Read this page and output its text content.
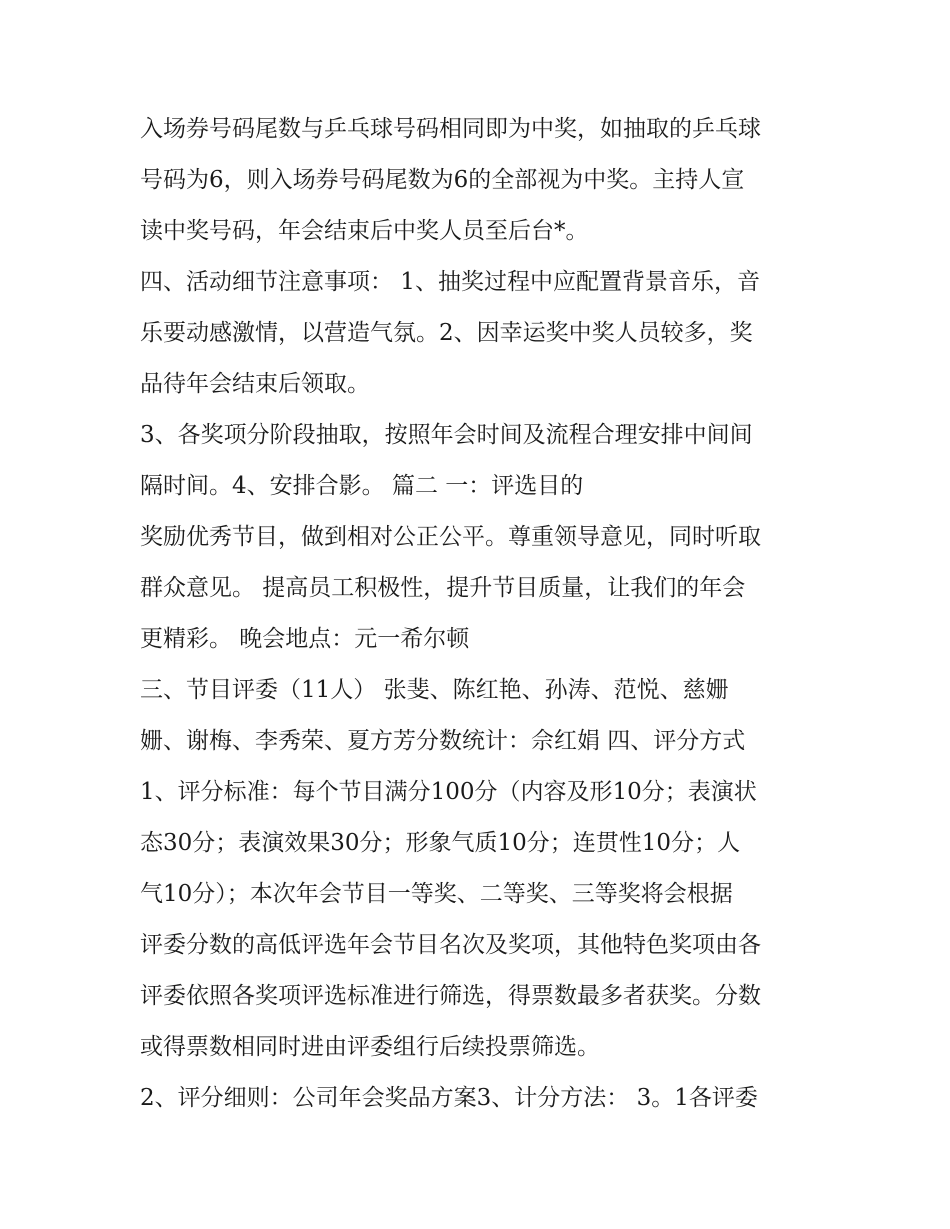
入场券号码尾数与乒乓球号码相同即为中奖，如抽取的乒乓球
号码为6，则入场券号码尾数为6的全部视为中奖。主持人宣
读中奖号码，年会结束后中奖人员至后台*。
四、活动细节注意事项： 1、抽奖过程中应配置背景音乐，音
乐要动感激情，以营造气氛。2、因幸运奖中奖人员较多，奖
品待年会结束后领取。
3、各奖项分阶段抽取，按照年会时间及流程合理安排中间间
隔时间。4、安排合影。 篇二 一：评选目的
奖励优秀节目，做到相对公正公平。尊重领导意见，同时听取
群众意见。 提高员工积极性，提升节目质量，让我们的年会
更精彩。 晚会地点：元一希尔顿
三、节目评委（11人） 张斐、陈红艳、孙涛、范悦、慈姗
姗、谢梅、李秀荣、夏方芳分数统计：佘红娟 四、评分方式
1、评分标准：每个节目满分100分（内容及形10分；表演状
态30分；表演效果30分；形象气质10分；连贯性10分；人
气10分）；本次年会节目一等奖、二等奖、三等奖将会根据
评委分数的高低评选年会节目名次及奖项，其他特色奖项由各
评委依照各奖项评选标准进行筛选，得票数最多者获奖。分数
或得票数相同时进由评委组行后续投票筛选。
2、评分细则：公司年会奖品方案3、计分方法： 3。1各评委
